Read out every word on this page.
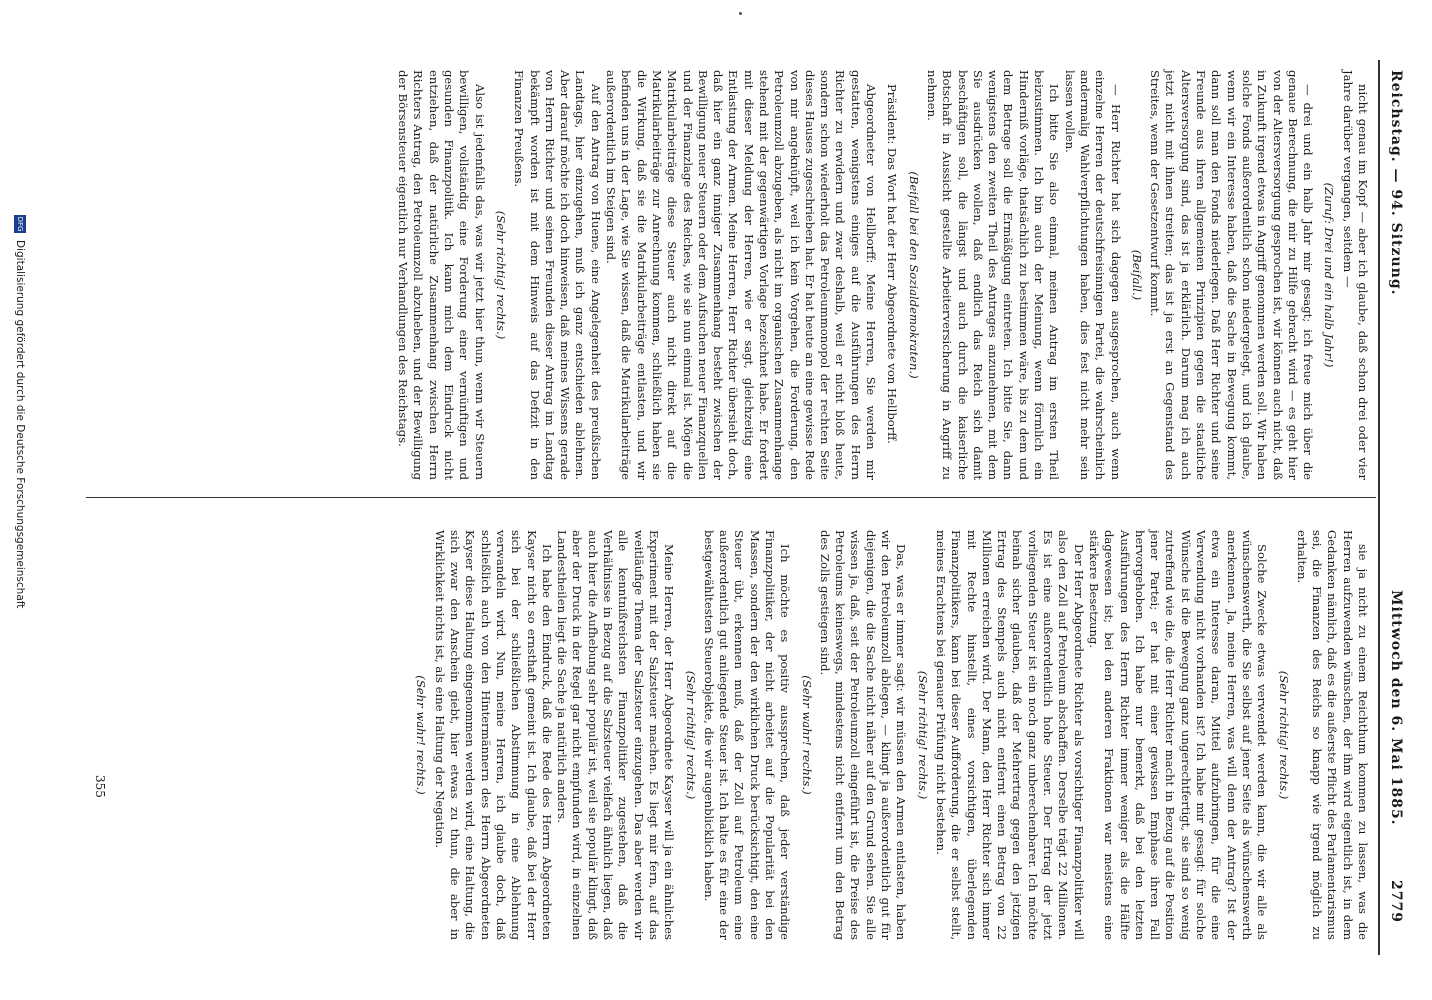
Reichstag. — 94. Sitzung.
Mittwoch den 6. Mai 1885.
2779

nicht genau im Kopf — aber ich glaube, daß schon drei oder vier Jahre darüber vergangen, seitdem —

(Zuruf: Drei und ein halb Jahr!)

— drei und ein halb Jahr mir gesagt; ich freue mich über die genaue Berechnung, die mir zu Hilfe gebracht wird — es geht hier von der Altersversorgung gesprochen ist, wir können auch nicht, daß in Zukunft irgend etwas in Angriff genommen werden soll. Wir haben solche Fonds außerordentlich schon niedergelegt, und ich glaube, wenn wir ein Interesse haben, daß die Sache in Bewegung kommt, dann soll man den Fonds niederlegen. Daß Herr Richter und seine Freunde aus ihren allgemeinen Prinzipien gegen die staatliche Altersversorgung sind, das ist ja erklärlich. Darum mag ich auch jetzt nicht mit ihnen streiten; das ist ja erst an Gegenstand des Streites, wenn der Gesetzentwurf kommt.

(Beifall.)

— Herr Richter hat sich dagegen ausgesprochen, auch wenn einzelne Herren der deutschfreisinnigen Partei, die wahrscheinlich andermalig Wahlverpflichtungen haben, dies fest nicht mehr sein lassen wollen.

Ich bitte Sie also einmal, meinen Antrag im ersten Theil beizustimmen. Ich bin auch der Meinung, wenn förmlich ein Hinderniß vorläge, thatsächlich zu bestimmen wäre, bis zu dem und dem Betrage soll die Ermäßigung eintreten. Ich bitte Sie, dann wenigstens den zweiten Theil des Antrages anzunehmen, mit dem Sie ausdrücken wollen, daß endlich das Reich sich damit beschäftigen soll, die längst und auch durch die kaiserliche Botschaft in Aussicht gestellte Arbeiterversicherung in Angriff zu nehmen.

(Beifall bei den Sozialdemokraten.)

Präsident: Das Wort hat der Herr Abgeordnete von Hellborff.

Abgeordneter von Hellborff: Meine Herren, Sie werden mir gestatten, wenigstens einiges auf die Ausführungen des Herrn Richter zu erwidern und zwar deshalb, weil er nicht bloß heute, sondern schon wiederholt das Petroleummonopol der rechten Seite dieses Hauses zugeschrieben hat. Er hat heute an eine gewisse Rede von mir angeknüpft, weil ich kein Vorgehen, die Forderung, den Petroleumzoll abzugeben, als nicht im organischen Zusammenhange stehend mit der gegenwärtigen Vorlage bezeichnet habe. Er fordert mit dieser Meldung der Herren, wie er sagt, gleichzeitig eine Entlastung der Armen. Meine Herren, Herr Richter übersieht doch, daß hier ein ganz inniger Zusammenhang besteht zwischen der Bewilligung neuer Steuern oder dem Aufsuchen neuer Finanzquellen und der Finanzlage des Reiches, wie sie nun einmal ist. Mögen die Matrikularbeiträge diese Steuer auch nicht direkt auf die Matrikularbeiträge zur Anrechnung kommen, schließlich haben sie die Wirkung, daß sie die Matrikularbeiträge entlasten, und wir befinden uns in der Lage, wie Sie wissen, daß die Matrikularbeiträge außerordentlich im Steigen sind.

Auf den Antrag von Huene, eine Angelegenheit des preußischen Landtags, hier einzugehen, muß ich ganz entschieden ablehnen. Aber darauf möchte ich doch hinweisen, daß meines Wissens gerade von Herrn Richter und seinen Freunden dieser Antrag im Landtag bekämpft worden ist mit dem Hinweis auf das Defizit in den Finanzen Preußens.

(Sehr richtig! rechts.)

Also ist jedenfalls das, was wir jetzt hier thun, wenn wir Steuern bewilligen, vollständig eine Forderung einer vernünftigen und gesunden Finanzpolitik. Ich kann mich dem Eindruck nicht entziehen, daß der natürliche Zusammenhang zwischen Herrn Richters Antrag, den Petroleumzoll abzuheben, und der Bewilligung der Börsensteuer eigentlich nur Verhandlungen des Reichstags.

sie ja nicht zu einem Reichthum kommen zu lassen, was die Herren aufzuwenden wünschen, der ihm wird eigentlich ist, in dem Gedanken nämlich, daß es die außerste Pflicht des Parlamentarismus sei, die Finanzen des Reichs so knapp wie irgend möglich zu erhalten.

(Sehr richtig! rechts.)

Solche Zwecke etwas verwendet werden kann, die wir alle als wünschenswerth, die Sie selbst auf jener Seite als wünschenswerth anerkennen. Ja, meine Herren, was will denn der Antrag? Ist der etwa ein Interesse daran, Mittel aufzubringen, für die eine Verwendung nicht vorhanden ist? Ich habe mir gesagt: für solche Wünsche ist die Bewegung ganz ungerechtfertigt, sie sind so wenig zutreffend wie die, die Herr Richter macht in Bezug auf die Position jener Partei; er hat mit einer gewissen Emphase ihren Fall hervorgehoben. Ich habe nur bemerkt, daß bei den letzten Ausführungen des Herrn Richter immer weniger als die Hälfte dagewesen ist; bei den anderen Fraktionen war meistens eine stärkere Besetzung.

Der Herr Abgeordnete Richter als vorsichtiger Finanzpolitiker will also den Zoll auf Petroleum abschaffen. Derselbe trägt 22 Millionen. Es ist eine außerordentlich hohe Steuer. Der Ertrag der jetzt vorliegenden Steuer ist ein noch ganz unberechenbarer. Ich möchte beinah sicher glauben, daß der Mehrertrag gegen den jetzigen Ertrag des Stempels auch nicht entfernt einen Betrag von 22 Millionen erreichen wird. Der Mann, den Herr Richter sich immer mit Rechte hinstellt, eines vorsichtigen, überlegenden Finanzpolitikers, kann bei dieser Aufforderung, die er selbst stellt, meines Erachtens bei genauer Prüfung nicht bestehen.

(Sehr richtig! rechts.)

Das, was er immer sagt: wir müssen den Armen entlasten, haben wir den Petroleumzoll ablegen, — klingt ja außerordentlich gut für diejenigen, die die Sache nicht näher auf den Grund sehen. Sie alle wissen ja, daß, seit der Petroleumzoll eingeführt ist, die Preise des Petroleums keineswegs, mindestens nicht entfernt um den Betrag des Zolls gestiegen sind.

(Sehr wahr! rechts.)

Ich möchte es positiv aussprechen, daß jeder verständige Finanzpolitiker, der nicht arbeitet auf die Popularität bei den Massen, sondern der den wirklichen Druck berücksichtigt, den eine Steuer übt, erkennen muß, daß der Zoll auf Petroleum eine außerordentlich gut anliegende Steuer ist. Ich halte es für eine der bestgewähltesten Steuerobjekte, die wir augenblicklich haben.

(Sehr richtig! rechts.)

Meine Herren, der Herr Abgeordnete Kayser will ja ein ähnliches Experiment mit der Salzsteuer machen. Es liegt mir fern, auf das weitläufige Thema der Salzsteuer einzugehen. Das aber werden wir alle kenntnißreichsten Finanzpolitiker zugestehen, daß die Verhältnisse in Bezug auf die Salzsteuer vielfach ähnlich liegen, daß auch hier die Aufhebung sehr populär ist, weil sie populär klingt, daß aber der Druck in der Regel gar nicht empfunden wird, in einzelnen Landestheilen liegt die Sache ja natürlich anders.

Ich habe den Eindruck, daß die Rede des Herrn Abgeordneten Kayser nicht so ernsthaft gemeint ist. Ich glaube, daß bei der Herr sich bei der schließlichen Abstimmung in eine Ablehnung verwandeln wird. Nun, meine Herren, ich glaube doch, daß schließlich auch von den Hintermännern des Herrn Abgeordneten Kayser diese Haltung eingenommen werden wird, eine Haltung, die sich zwar den Anschein giebt, hier etwas zu thun, die aber in Wirklichkeit nichts ist, als eine Haltung der Negation.

(Sehr wahr! rechts.)

355
DFG
Digitalisierung gefördert durch die Deutsche Forschungsgemeinschaft
